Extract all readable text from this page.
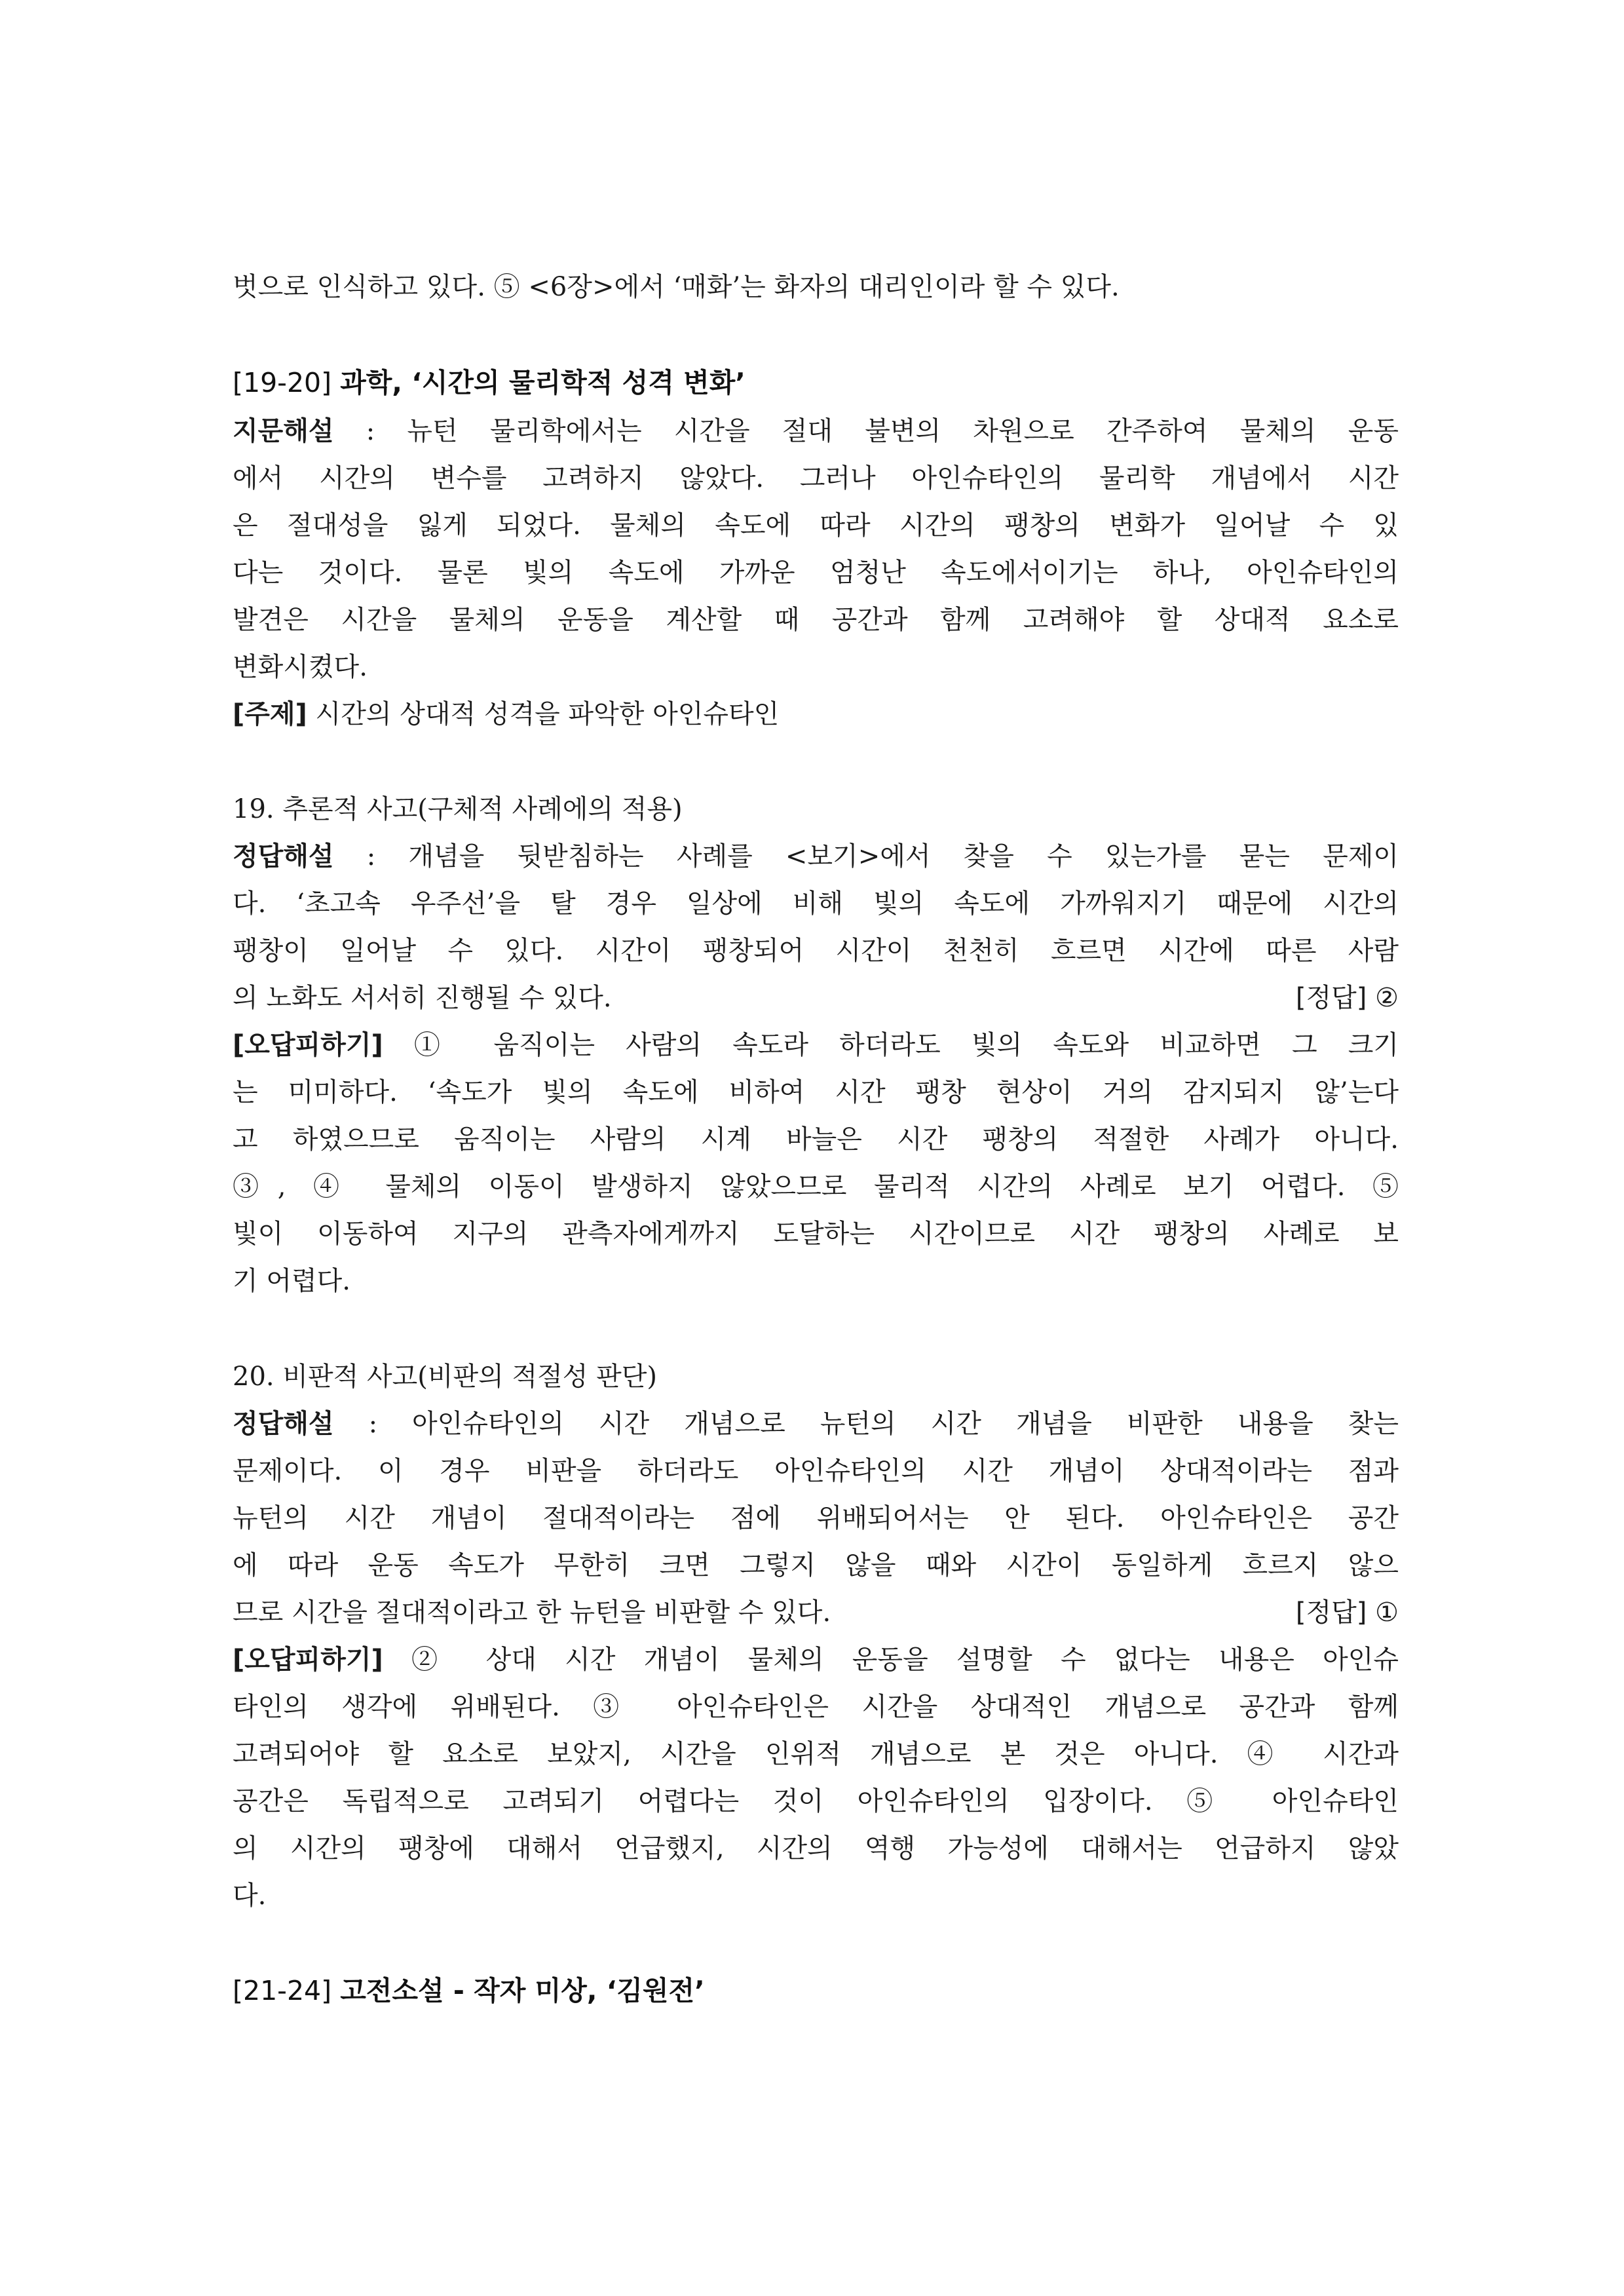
벗으로 인식하고 있다. ⑤ <6장>에서 ‘매화’는 화자의 대리인이라 할 수 있다.
[19-20] 과학, ‘시간의 물리학적 성격 변화’
지문해설 : 뉴턴 물리학에서는 시간을 절대 불변의 차원으로 간주하여 물체의 운동
에서 시간의 변수를 고려하지 않았다. 그러나 아인슈타인의 물리학 개념에서 시간
은 절대성을 잃게 되었다. 물체의 속도에 따라 시간의 팽창의 변화가 일어날 수 있
다는 것이다. 물론 빛의 속도에 가까운 엄청난 속도에서이기는 하나, 아인슈타인의
발견은 시간을 물체의 운동을 계산할 때 공간과 함께 고려해야 할 상대적 요소로
변화시켰다.
[주제] 시간의 상대적 성격을 파악한 아인슈타인
19. 추론적 사고(구체적 사례에의 적용)
정답해설 : 개념을 뒷받침하는 사례를 <보기>에서 찾을 수 있는가를 묻는 문제이
다. ‘초고속 우주선’을 탈 경우 일상에 비해 빛의 속도에 가까워지기 때문에 시간의
팽창이 일어날 수 있다. 시간이 팽창되어 시간이 천천히 흐르면 시간에 따른 사람
의 노화도 서서히 진행될 수 있다.	[정답] ②
[오답피하기] ① 움직이는 사람의 속도라 하더라도 빛의 속도와 비교하면 그 크기
는 미미하다. ‘속도가 빛의 속도에 비하여 시간 팽창 현상이 거의 감지되지 않’는다
고 하였으므로 움직이는 사람의 시계 바늘은 시간 팽창의 적절한 사례가 아니다.
③, ④ 물체의 이동이 발생하지 않았으므로 물리적 시간의 사례로 보기 어렵다. ⑤
빛이 이동하여 지구의 관측자에게까지 도달하는 시간이므로 시간 팽창의 사례로 보
기 어렵다.
20. 비판적 사고(비판의 적절성 판단)
정답해설 : 아인슈타인의 시간 개념으로 뉴턴의 시간 개념을 비판한 내용을 찾는
문제이다. 이 경우 비판을 하더라도 아인슈타인의 시간 개념이 상대적이라는 점과
뉴턴의 시간 개념이 절대적이라는 점에 위배되어서는 안 된다. 아인슈타인은 공간
에 따라 운동 속도가 무한히 크면 그렇지 않을 때와 시간이 동일하게 흐르지 않으
므로 시간을 절대적이라고 한 뉴턴을 비판할 수 있다.	[정답] ①
[오답피하기] ② 상대 시간 개념이 물체의 운동을 설명할 수 없다는 내용은 아인슈
타인의 생각에 위배된다. ③ 아인슈타인은 시간을 상대적인 개념으로 공간과 함께
고려되어야 할 요소로 보았지, 시간을 인위적 개념으로 본 것은 아니다. ④ 시간과
공간은 독립적으로 고려되기 어렵다는 것이 아인슈타인의 입장이다. ⑤ 아인슈타인
의 시간의 팽창에 대해서 언급했지, 시간의 역행 가능성에 대해서는 언급하지 않았
다.
[21-24] 고전소설 - 작자 미상, ‘김원전’
